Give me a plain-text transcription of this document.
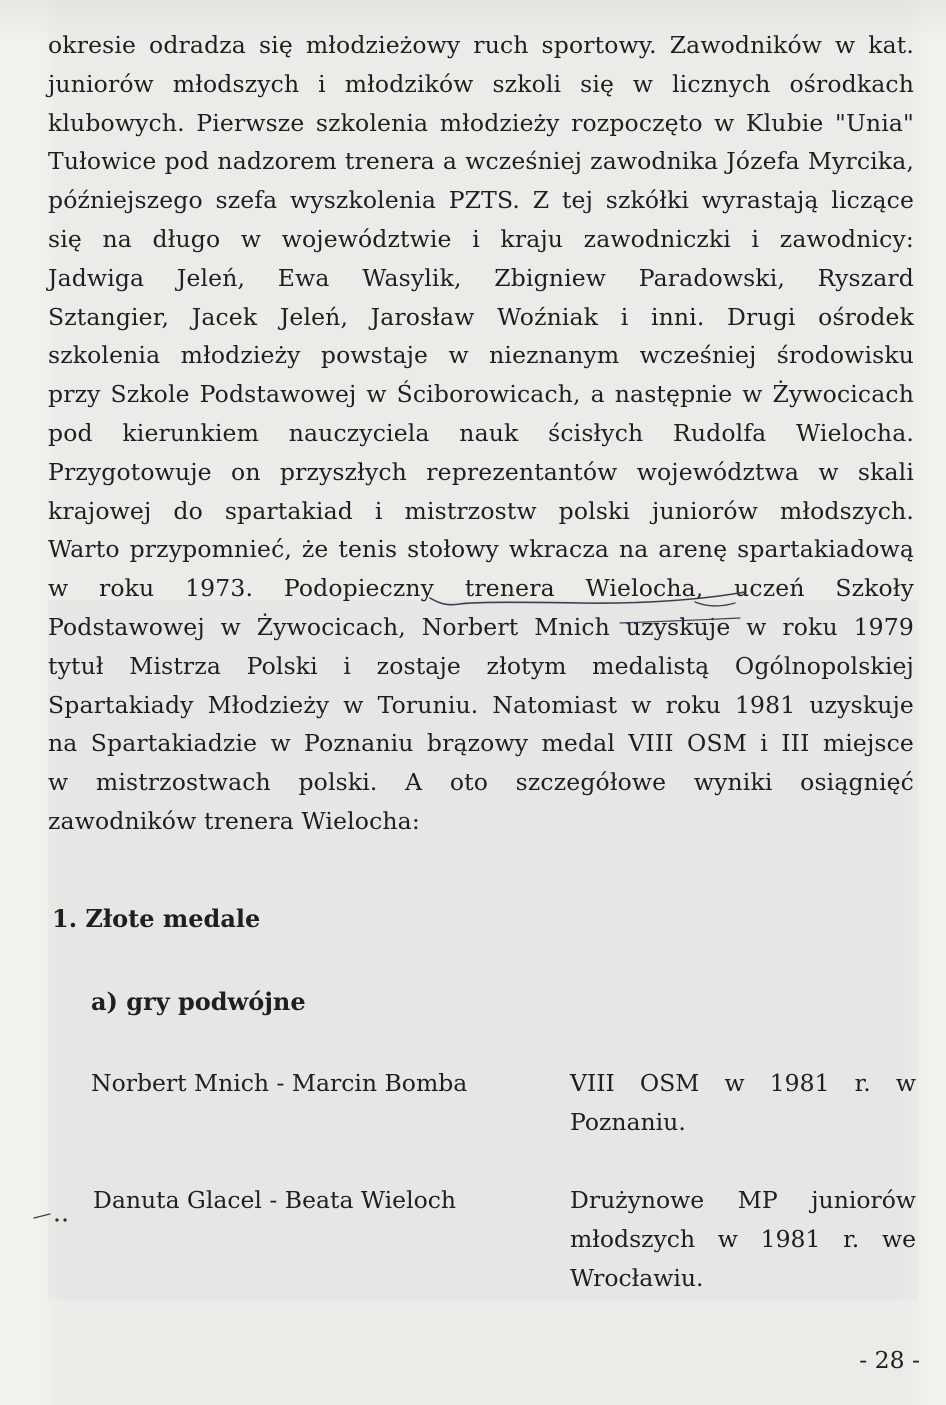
okresie odradza się młodzieżowy ruch sportowy. Zawodników w kat.
juniorów młodszych i młodzików szkoli się w licznych ośrodkach
klubowych. Pierwsze szkolenia młodzieży rozpoczęto w Klubie "Unia"
Tułowice pod nadzorem trenera a wcześniej zawodnika Józefa Myrcika,
późniejszego szefa wyszkolenia PZTS. Z tej szkółki wyrastają liczące
się na długo w województwie i kraju zawodniczki i zawodnicy:
Jadwiga Jeleń, Ewa Wasylik, Zbigniew Paradowski, Ryszard
Sztangier, Jacek Jeleń, Jarosław Woźniak i inni. Drugi ośrodek
szkolenia młodzieży powstaje w nieznanym wcześniej środowisku
przy Szkole Podstawowej w Ściborowicach, a następnie w Żywocicach
pod kierunkiem nauczyciela nauk ścisłych Rudolfa Wielocha.
Przygotowuje on przyszłych reprezentantów województwa w skali
krajowej do spartakiad i mistrzostw polski juniorów młodszych.
Warto przypomnieć, że tenis stołowy wkracza na arenę spartakiadową
w roku 1973. Podopieczny trenera Wielocha, uczeń Szkoły
Podstawowej w Żywocicach, Norbert Mnich uzyskuje w roku 1979
tytuł Mistrza Polski i zostaje złotym medalistą Ogólnopolskiej
Spartakiady Młodzieży w Toruniu. Natomiast w roku 1981 uzyskuje
na Spartakiadzie w Poznaniu brązowy medal VIII OSM i III miejsce
w mistrzostwach polski. A oto szczegółowe wyniki osiągnięć
zawodników trenera Wielocha:

1. Złote medale
a) gry podwójne
Norbert Mnich - Marcin Bomba	VIII OSM w 1981 r. w
Poznaniu.
Danuta Glacel - Beata Wieloch	Drużynowe MP juniorów
młodszych w 1981 r. we
Wrocławiu.
- 28 -
